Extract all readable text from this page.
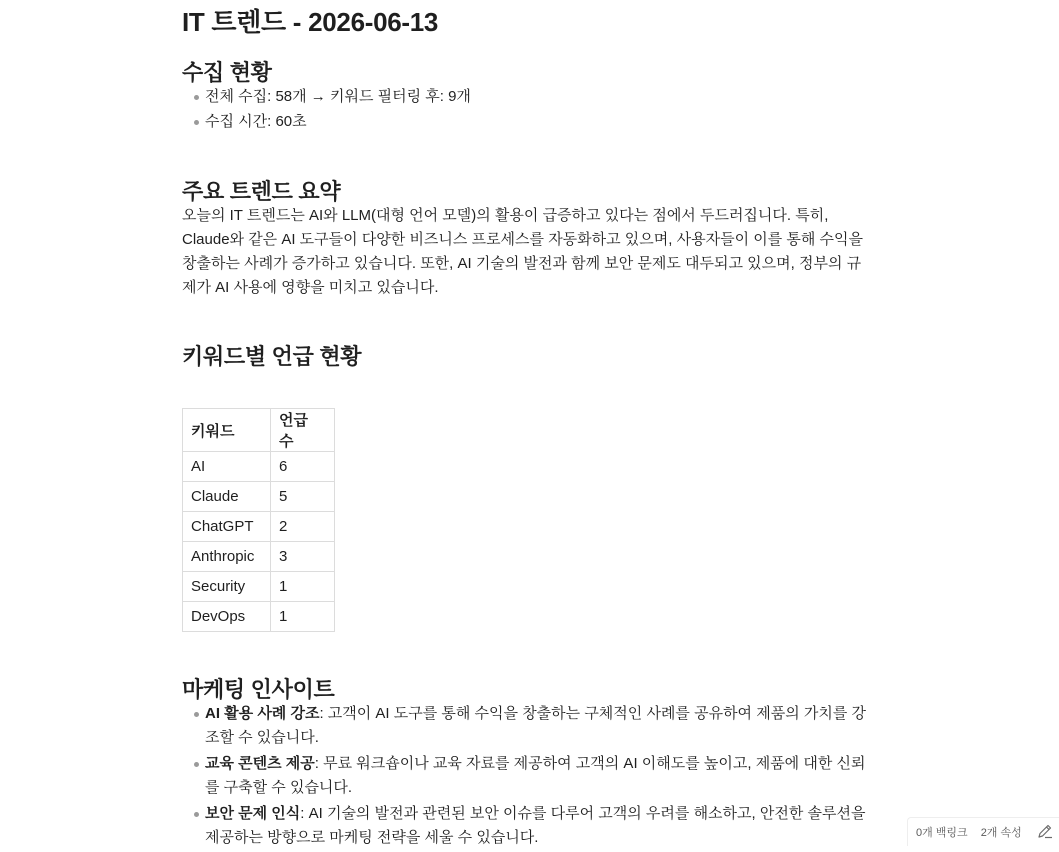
IT 트렌드 - 2026-06-13
수집 현황
전체 수집: 58개 → 키워드 필터링 후: 9개
수집 시간: 60초
주요 트렌드 요약
오늘의 IT 트렌드는 AI와 LLM(대형 언어 모델)의 활용이 급증하고 있다는 점에서 두드러집니다. 특히, Claude와 같은 AI 도구들이 다양한 비즈니스 프로세스를 자동화하고 있으며, 사용자들이 이를 통해 수익을 창출하는 사례가 증가하고 있습니다. 또한, AI 기술의 발전과 함께 보안 문제도 대두되고 있으며, 정부의 규제가 AI 사용에 영향을 미치고 있습니다.
키워드별 언급 현황
키워드	언급 수
AI	6
Claude	5
ChatGPT	2
Anthropic	3
Security	1
DevOps	1
마케팅 인사이트
AI 활용 사례 강조: 고객이 AI 도구를 통해 수익을 창출하는 구체적인 사례를 공유하여 제품의 가치를 강조할 수 있습니다.
교육 콘텐츠 제공: 무료 워크숍이나 교육 자료를 제공하여 고객의 AI 이해도를 높이고, 제품에 대한 신뢰를 구축할 수 있습니다.
보안 문제 인식: AI 기술의 발전과 관련된 보안 이슈를 다루어 고객의 우려를 해소하고, 안전한 솔루션을 제공하는 방향으로 마케팅 전략을 세울 수 있습니다.	0개 백링크 2개 속성
